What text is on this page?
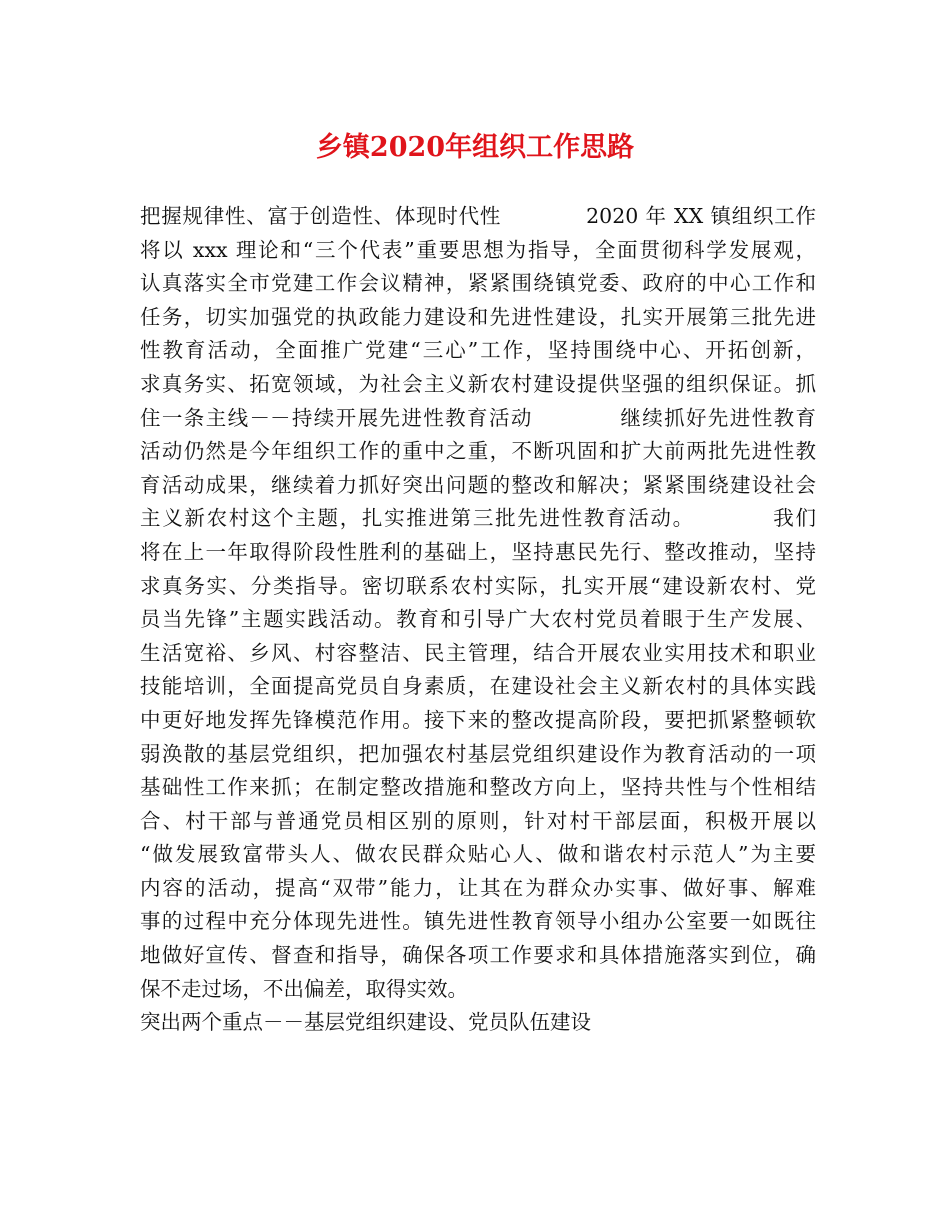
乡镇2020年组织工作思路
把握规律性、富于创造性、体现时代性　　　　2020 年 XX 镇组织工作
将以 xxx 理论和“三个代表”重要思想为指导，全面贯彻科学发展观，
认真落实全市党建工作会议精神，紧紧围绕镇党委、政府的中心工作和
任务，切实加强党的执政能力建设和先进性建设，扎实开展第三批先进
性教育活动，全面推广党建“三心”工作，坚持围绕中心、开拓创新，
求真务实、拓宽领域，为社会主义新农村建设提供坚强的组织保证。抓
住一条主线－－持续开展先进性教育活动　　　　继续抓好先进性教育
活动仍然是今年组织工作的重中之重，不断巩固和扩大前两批先进性教
育活动成果，继续着力抓好突出问题的整改和解决；紧紧围绕建设社会
主义新农村这个主题，扎实推进第三批先进性教育活动。　　　　我们
将在上一年取得阶段性胜利的基础上，坚持惠民先行、整改推动，坚持
求真务实、分类指导。密切联系农村实际，扎实开展“建设新农村、党
员当先锋”主题实践活动。教育和引导广大农村党员着眼于生产发展、
生活宽裕、乡风、村容整洁、民主管理，结合开展农业实用技术和职业
技能培训，全面提高党员自身素质，在建设社会主义新农村的具体实践
中更好地发挥先锋模范作用。接下来的整改提高阶段，要把抓紧整顿软
弱涣散的基层党组织，把加强农村基层党组织建设作为教育活动的一项
基础性工作来抓；在制定整改措施和整改方向上，坚持共性与个性相结
合、村干部与普通党员相区别的原则，针对村干部层面，积极开展以
“做发展致富带头人、做农民群众贴心人、做和谐农村示范人”为主要
内容的活动，提高“双带”能力，让其在为群众办实事、做好事、解难
事的过程中充分体现先进性。镇先进性教育领导小组办公室要一如既往
地做好宣传、督查和指导，确保各项工作要求和具体措施落实到位，确
保不走过场，不出偏差，取得实效。
突出两个重点－－基层党组织建设、党员队伍建设
